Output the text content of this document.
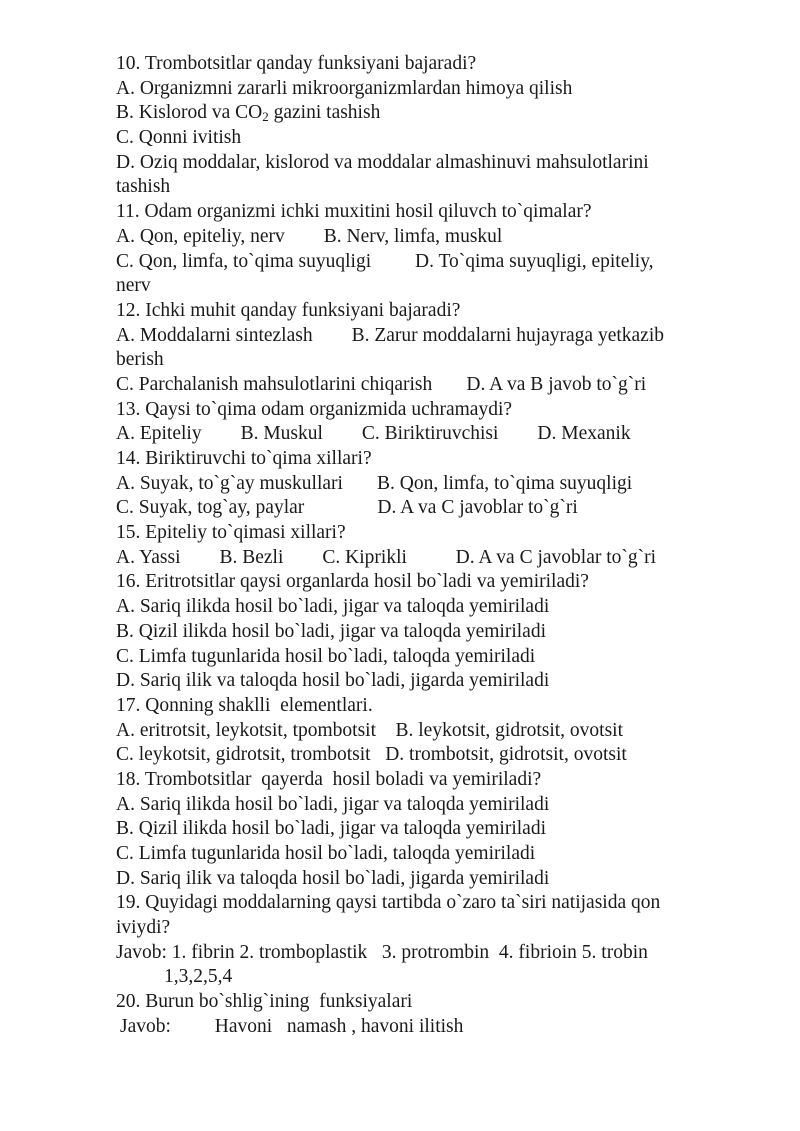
10. Trombotsitlar qanday funksiyani bajaradi?
A. Organizmni zararli mikroorganizmlardan himoya qilish
B. Kislorod va $CO_2$ gazini tashish
C. Qonni ivitish
D. Oziq moddalar, kislorod va moddalar almashinuvi mahsulotlarini
tashish
11. Odam organizmi ichki muxitini hosil qiluvch to`qimalar?
A. Qon, epiteliy, nerv        B. Nerv, limfa, muskul
C. Qon, limfa, to`qima suyuqligi         D. To`qima suyuqligi, epiteliy,
nerv
12. Ichki muhit qanday funksiyani bajaradi?
A. Moddalarni sintezlash        B. Zarur moddalarni hujayraga yetkazib
berish
C. Parchalanish mahsulotlarini chiqarish       D. A va B javob to`g`ri
13. Qaysi to`qima odam organizmida uchramaydi?
A. Epiteliy        B. Muskul        C. Biriktiruvchisi        D. Mexanik
14. Biriktiruvchi to`qima xillari?
A. Suyak, to`g`ay muskullari       B. Qon, limfa, to`qima suyuqligi
C. Suyak, tog`ay, paylar               D. A va C javoblar to`g`ri
15. Epiteliy to`qimasi xillari?
A. Yassi        B. Bezli        C. Kiprikli          D. A va C javoblar to`g`ri
16. Eritrotsitlar qaysi organlarda hosil bo`ladi va yemiriladi?
A. Sariq ilikda hosil bo`ladi, jigar va taloqda yemiriladi
B. Qizil ilikda hosil bo`ladi, jigar va taloqda yemiriladi
C. Limfa tugunlarida hosil bo`ladi, taloqda yemiriladi
D. Sariq ilik va taloqda hosil bo`ladi, jigarda yemiriladi
17. Qonning shaklli  elementlari.
A. eritrotsit, leykotsit, tpombotsit    B. leykotsit, gidrotsit, ovotsit
C. leykotsit, gidrotsit, trombotsit   D. trombotsit, gidrotsit, ovotsit
18. Trombotsitlar  qayerda  hosil boladi va yemiriladi?
A. Sariq ilikda hosil bo`ladi, jigar va taloqda yemiriladi
B. Qizil ilikda hosil bo`ladi, jigar va taloqda yemiriladi
C. Limfa tugunlarida hosil bo`ladi, taloqda yemiriladi
D. Sariq ilik va taloqda hosil bo`ladi, jigarda yemiriladi
19. Quyidagi moddalarning qaysi tartibda o`zaro ta`siri natijasida qon
iviydi?
Javob: 1. fibrin 2. tromboplastik   3. protrombin  4. fibrioin 5. trobin
1,3,2,5,4
20. Burun bo`shlig`ining  funksiyalari
Javob:         Havoni   namash , havoni ilitish
